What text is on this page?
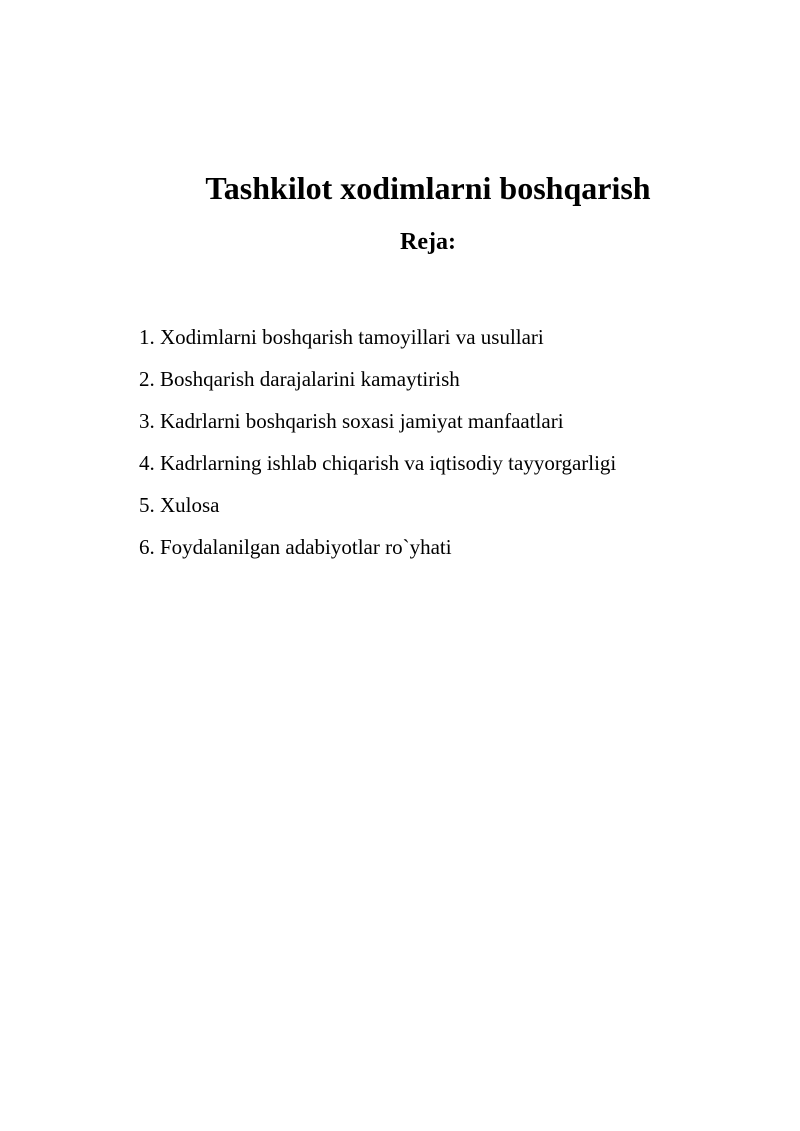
Tashkilot xodimlarni boshqarish
Reja:
1. Xodimlarni boshqarish tamoyillari va usullari
2. Boshqarish darajalarini kamaytirish
3. Kadrlarni boshqarish soxasi jamiyat manfaatlari
4. Kadrlarning ishlab chiqarish va iqtisodiy tayyorgarligi
5. Xulosa
6. Foydalanilgan adabiyotlar ro`yhati
